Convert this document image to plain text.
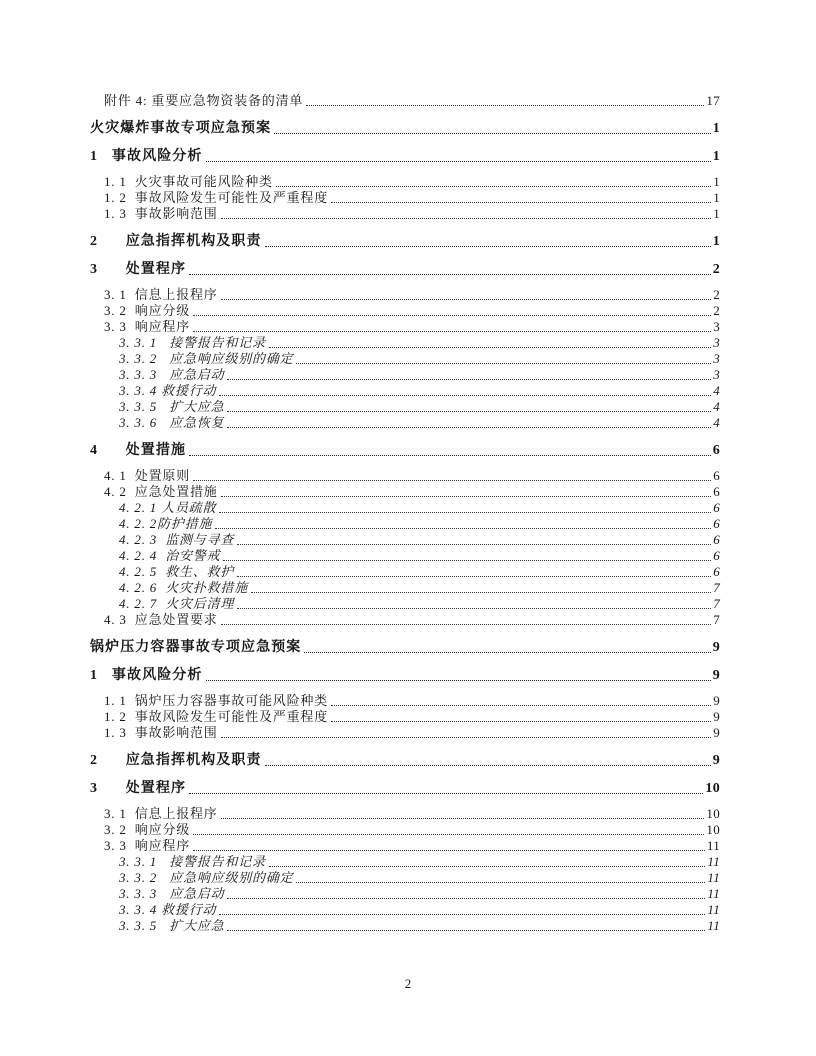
附件 4: 重要应急物资装备的清单	17
火灾爆炸事故专项应急预案	1
1   事故风险分析	1
1. 1  火灾事故可能风险种类	1
1. 2  事故风险发生可能性及严重程度	1
1. 3  事故影响范围	1
2      应急指挥机构及职责	1
3      处置程序	2
3. 1  信息上报程序	2
3. 2  响应分级	2
3. 3  响应程序	3
3. 3. 1   接警报告和记录	3
3. 3. 2   应急响应级别的确定	3
3. 3. 3   应急启动	3
3. 3. 4 救援行动	4
3. 3. 5   扩大应急	4
3. 3. 6   应急恢复	4
4      处置措施	6
4. 1  处置原则	6
4. 2  应急处置措施	6
4. 2. 1 人员疏散	6
4. 2. 2防护措施	6
4. 2. 3  监测与寻查	6
4. 2. 4  治安警戒	6
4. 2. 5  救生、救护	6
4. 2. 6  火灾扑救措施	7
4. 2. 7  火灾后清理	7
4. 3  应急处置要求	7
锅炉压力容器事故专项应急预案	9
1   事故风险分析	9
1. 1  锅炉压力容器事故可能风险种类	9
1. 2  事故风险发生可能性及严重程度	9
1. 3  事故影响范围	9
2      应急指挥机构及职责	9
3      处置程序	10
3. 1  信息上报程序	10
3. 2  响应分级	10
3. 3  响应程序	11
3. 3. 1   接警报告和记录	11
3. 3. 2   应急响应级别的确定	11
3. 3. 3   应急启动	11
3. 3. 4 救援行动	11
3. 3. 5   扩大应急	11
2
